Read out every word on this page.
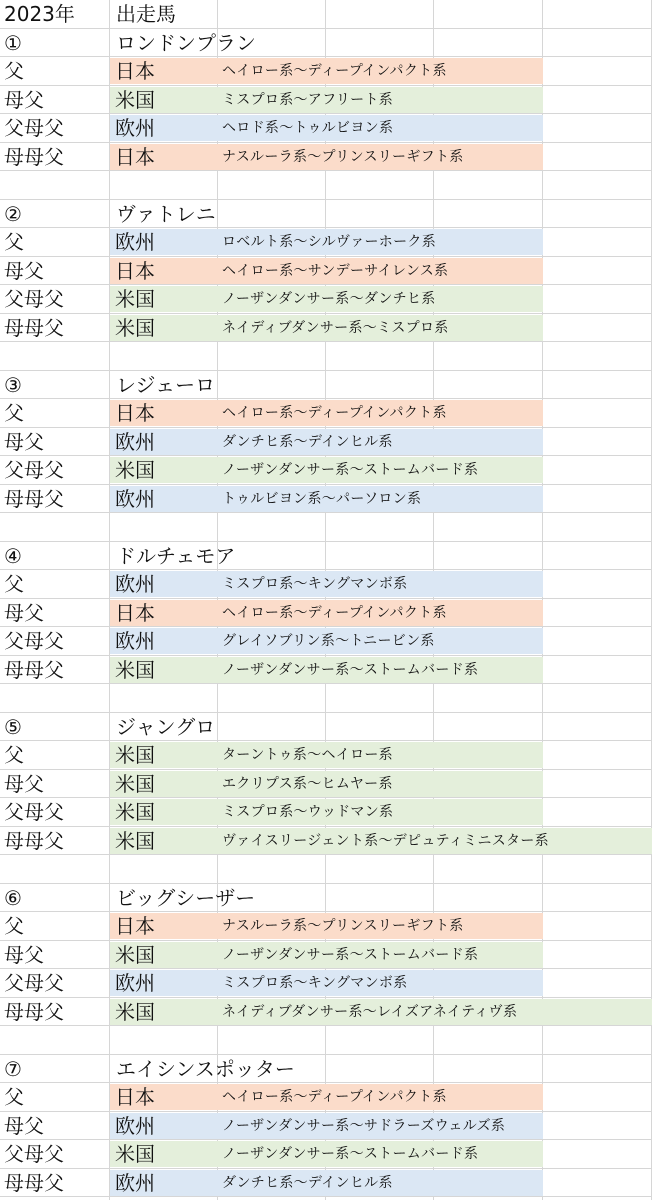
2023年	出走馬
①	ロンドンプラン
父	日本	ヘイロー系～ディープインパクト系
母父	米国	ミスプロ系～アフリート系
父母父	欧州	ヘロド系～トゥルビヨン系
母母父	日本	ナスルーラ系～プリンスリーギフト系
②	ヴァトレニ
父	欧州	ロベルト系～シルヴァーホーク系
母父	日本	ヘイロー系～サンデーサイレンス系
父母父	米国	ノーザンダンサー系～ダンチヒ系
母母父	米国	ネイディブダンサー系～ミスプロ系
③	レジェーロ
父	日本	ヘイロー系～ディープインパクト系
母父	欧州	ダンチヒ系～デインヒル系
父母父	米国	ノーザンダンサー系～ストームバード系
母母父	欧州	トゥルビヨン系～パーソロン系
④	ドルチェモア
父	欧州	ミスプロ系～キングマンボ系
母父	日本	ヘイロー系～ディープインパクト系
父母父	欧州	グレイソブリン系～トニービン系
母母父	米国	ノーザンダンサー系～ストームバード系
⑤	ジャングロ
父	米国	ターントゥ系～ヘイロー系
母父	米国	エクリプス系～ヒムヤー系
父母父	米国	ミスプロ系～ウッドマン系
母母父	米国	ヴァイスリージェント系～デピュティミニスター系
⑥	ビッグシーザー
父	日本	ナスルーラ系～プリンスリーギフト系
母父	米国	ノーザンダンサー系～ストームバード系
父母父	欧州	ミスプロ系～キングマンボ系
母母父	米国	ネイディブダンサー系～レイズアネイティヴ系
⑦	エイシンスポッター
父	日本	ヘイロー系～ディープインパクト系
母父	欧州	ノーザンダンサー系～サドラーズウェルズ系
父母父	米国	ノーザンダンサー系～ストームバード系
母母父	欧州	ダンチヒ系～デインヒル系
